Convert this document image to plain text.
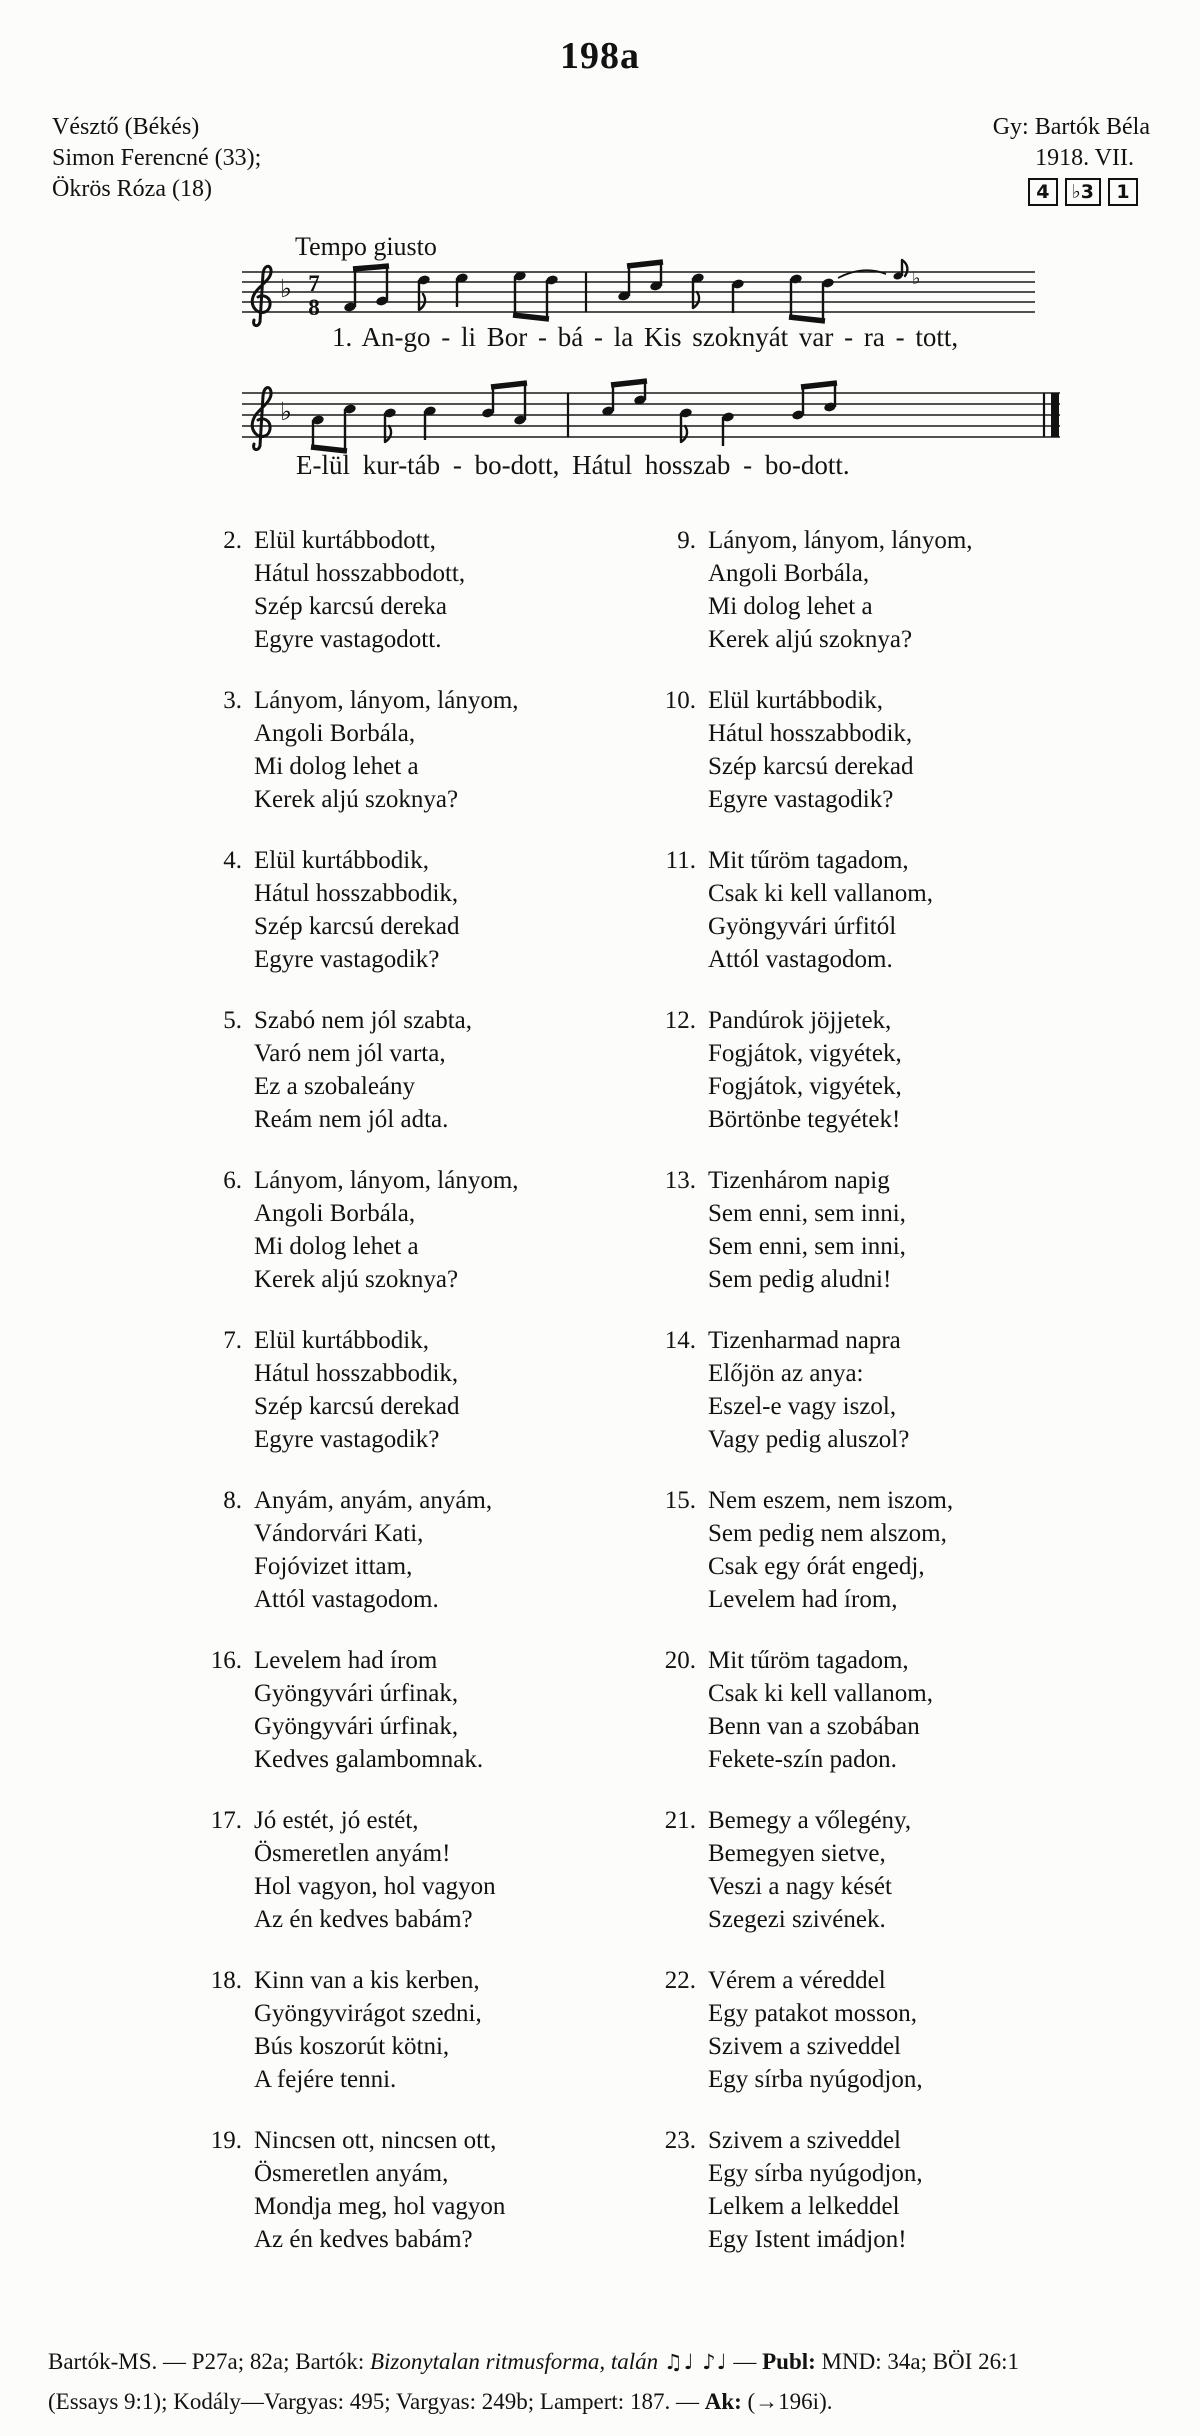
198a
Vésztő (Békés)
Simon Ferencné (33);
Ökrös Róza (18)
Gy: Bartók Béla
1918. VII.
4	♭3	1
Tempo giusto
♭ 7
8
♭
1. An-go - li Bor - bá - la Kis szoknyát var - ra - tott,
♭
E-lül kur-táb - bo-dott, Hátul hosszab - bo-dott.
2. Elül kurtábbodott,
Hátul hosszabbodott,
Szép karcsú dereka
Egyre vastagodott.
3. Lányom, lányom, lányom,
Angoli Borbála,
Mi dolog lehet a
Kerek aljú szoknya?
4. Elül kurtábbodik,
Hátul hosszabbodik,
Szép karcsú derekad
Egyre vastagodik?
5. Szabó nem jól szabta,
Varó nem jól varta,
Ez a szobaleány
Reám nem jól adta.
6. Lányom, lányom, lányom,
Angoli Borbála,
Mi dolog lehet a
Kerek aljú szoknya?
7. Elül kurtábbodik,
Hátul hosszabbodik,
Szép karcsú derekad
Egyre vastagodik?
8. Anyám, anyám, anyám,
Vándorvári Kati,
Fojóvizet ittam,
Attól vastagodom.
16. Levelem had írom
Gyöngyvári úrfinak,
Gyöngyvári úrfinak,
Kedves galambomnak.
17. Jó estét, jó estét,
Ösmeretlen anyám!
Hol vagyon, hol vagyon
Az én kedves babám?
18. Kinn van a kis kerben,
Gyöngyvirágot szedni,
Bús koszorút kötni,
A fejére tenni.
19. Nincsen ott, nincsen ott,
Ösmeretlen anyám,
Mondja meg, hol vagyon
Az én kedves babám?
9. Lányom, lányom, lányom,
Angoli Borbála,
Mi dolog lehet a
Kerek aljú szoknya?
10. Elül kurtábbodik,
Hátul hosszabbodik,
Szép karcsú derekad
Egyre vastagodik?
11. Mit tűröm tagadom,
Csak ki kell vallanom,
Gyöngyvári úrfitól
Attól vastagodom.
12. Pandúrok jöjjetek,
Fogjátok, vigyétek,
Fogjátok, vigyétek,
Börtönbe tegyétek!
13. Tizenhárom napig
Sem enni, sem inni,
Sem enni, sem inni,
Sem pedig aludni!
14. Tizenharmad napra
Előjön az anya:
Eszel-e vagy iszol,
Vagy pedig aluszol?
15. Nem eszem, nem iszom,
Sem pedig nem alszom,
Csak egy órát engedj,
Levelem had írom,
20. Mit tűröm tagadom,
Csak ki kell vallanom,
Benn van a szobában
Fekete-szín padon.
21. Bemegy a vőlegény,
Bemegyen sietve,
Veszi a nagy kését
Szegezi szivének.
22. Vérem a véreddel
Egy patakot mosson,
Szivem a sziveddel
Egy sírba nyúgodjon,
23. Szivem a sziveddel
Egy sírba nyúgodjon,
Lelkem a lelkeddel
Egy Istent imádjon!
Bartók-MS. — P27a; 82a; Bartók: Bizonytalan ritmusforma, talán ♫♩ ♪♩ — Publ: MND: 34a; BÖI 26:1
(Essays 9:1); Kodály—Vargyas: 495; Vargyas: 249b; Lampert: 187. — Ak: (→196i).
